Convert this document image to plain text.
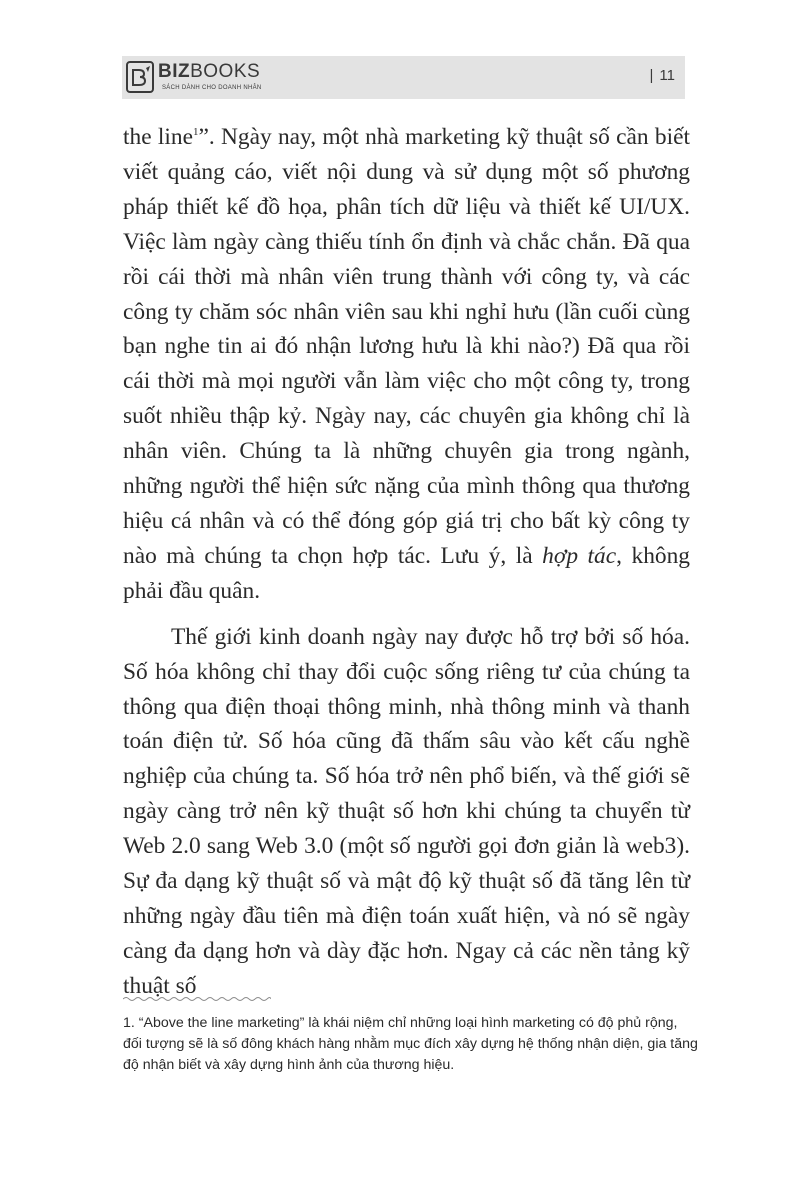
BIZBOOKS
SÁCH DÀNH CHO DOANH NHÂN
| 11

the line$^1$”. Ngày nay, một nhà marketing kỹ thuật số cần biết viết quảng cáo, viết nội dung và sử dụng một số phương pháp thiết kế đồ họa, phân tích dữ liệu và thiết kế UI/UX. Việc làm ngày càng thiếu tính ổn định và chắc chắn. Đã qua rồi cái thời mà nhân viên trung thành với công ty, và các công ty chăm sóc nhân viên sau khi nghỉ hưu (lần cuối cùng bạn nghe tin ai đó nhận lương hưu là khi nào?) Đã qua rồi cái thời mà mọi người vẫn làm việc cho một công ty, trong suốt nhiều thập kỷ. Ngày nay, các chuyên gia không chỉ là nhân viên. Chúng ta là những chuyên gia trong ngành, những người thể hiện sức nặng của mình thông qua thương hiệu cá nhân và có thể đóng góp giá trị cho bất kỳ công ty nào mà chúng ta chọn hợp tác. Lưu ý, là hợp tác, không phải đầu quân.

Thế giới kinh doanh ngày nay được hỗ trợ bởi số hóa. Số hóa không chỉ thay đổi cuộc sống riêng tư của chúng ta thông qua điện thoại thông minh, nhà thông minh và thanh toán điện tử. Số hóa cũng đã thấm sâu vào kết cấu nghề nghiệp của chúng ta. Số hóa trở nên phổ biến, và thế giới sẽ ngày càng trở nên kỹ thuật số hơn khi chúng ta chuyển từ Web 2.0 sang Web 3.0 (một số người gọi đơn giản là web3). Sự đa dạng kỹ thuật số và mật độ kỹ thuật số đã tăng lên từ những ngày đầu tiên mà điện toán xuất hiện, và nó sẽ ngày càng đa dạng hơn và dày đặc hơn. Ngay cả các nền tảng kỹ thuật số

1. “Above the line marketing” là khái niệm chỉ những loại hình marketing có độ phủ rộng, đối tượng sẽ là số đông khách hàng nhằm mục đích xây dựng hệ thống nhận diện, gia tăng độ nhận biết và xây dựng hình ảnh của thương hiệu.
